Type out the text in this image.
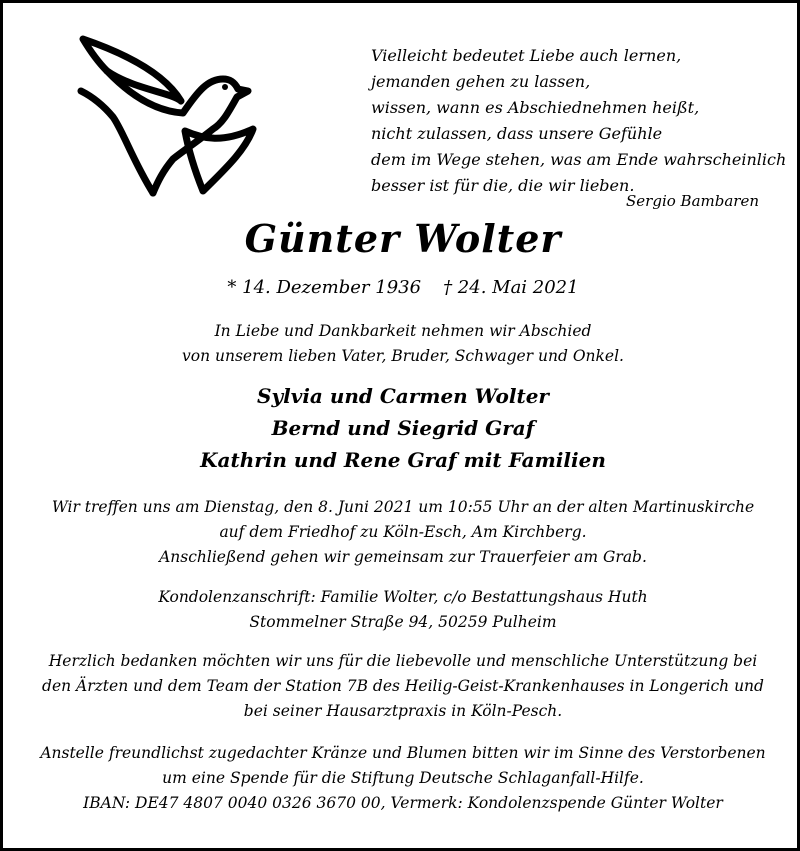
Vielleicht bedeutet Liebe auch lernen,
jemanden gehen zu lassen,
wissen, wann es Abschiednehmen heißt,
nicht zulassen, dass unsere Gefühle
dem im Wege stehen, was am Ende wahrscheinlich
besser ist für die, die wir lieben.
Sergio Bambaren
Günter Wolter
* 14. Dezember 1936 † 24. Mai 2021
In Liebe und Dankbarkeit nehmen wir Abschied
von unserem lieben Vater, Bruder, Schwager und Onkel.
Sylvia und Carmen Wolter
Bernd und Siegrid Graf
Kathrin und Rene Graf mit Familien
Wir treffen uns am Dienstag, den 8. Juni 2021 um 10:55 Uhr an der alten Martinuskirche
auf dem Friedhof zu Köln-Esch, Am Kirchberg.
Anschließend gehen wir gemeinsam zur Trauerfeier am Grab.
Kondolenzanschrift: Familie Wolter, c/o Bestattungshaus Huth
Stommelner Straße 94, 50259 Pulheim
Herzlich bedanken möchten wir uns für die liebevolle und menschliche Unterstützung bei
den Ärzten und dem Team der Station 7B des Heilig-Geist-Krankenhauses in Longerich und
bei seiner Hausarztpraxis in Köln-Pesch.
Anstelle freundlichst zugedachter Kränze und Blumen bitten wir im Sinne des Verstorbenen
um eine Spende für die Stiftung Deutsche Schlaganfall-Hilfe.
IBAN: DE47 4807 0040 0326 3670 00, Vermerk: Kondolenzspende Günter Wolter
